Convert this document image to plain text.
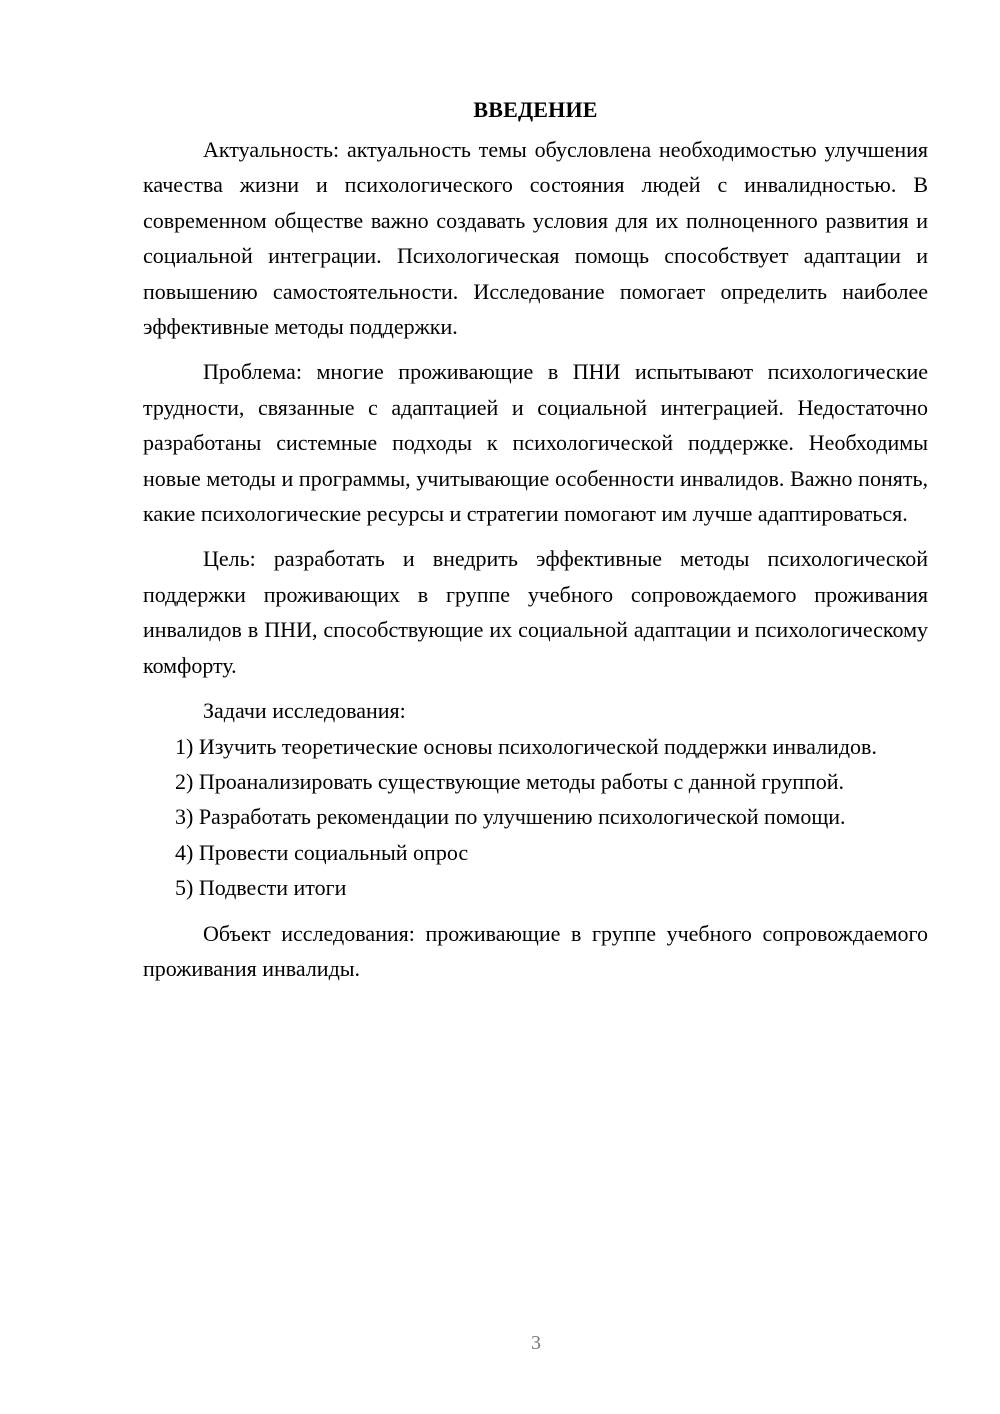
ВВЕДЕНИЕ

Актуальность: актуальность темы обусловлена необходимостью улучшения качества жизни и психологического состояния людей с инвалидностью. В современном обществе важно создавать условия для их полноценного развития и социальной интеграции. Психологическая помощь способствует адаптации и повышению самостоятельности. Исследование помогает определить наиболее эффективные методы поддержки.

Проблема: многие проживающие в ПНИ испытывают психологические трудности, связанные с адаптацией и социальной интеграцией. Недостаточно разработаны системные подходы к психологической поддержке. Необходимы новые методы и программы, учитывающие особенности инвалидов. Важно понять, какие психологические ресурсы и стратегии помогают им лучше адаптироваться.

Цель: разработать и внедрить эффективные методы психологической поддержки проживающих в группе учебного сопровождаемого проживания инвалидов в ПНИ, способствующие их социальной адаптации и психологическому комфорту.

Задачи исследования:

1) Изучить теоретические основы психологической поддержки инвалидов.

2) Проанализировать существующие методы работы с данной группой.

3) Разработать рекомендации по улучшению психологической помощи.

4) Провести социальный опрос

5) Подвести итоги

Объект исследования: проживающие в группе учебного сопровождаемого проживания инвалиды.

3
